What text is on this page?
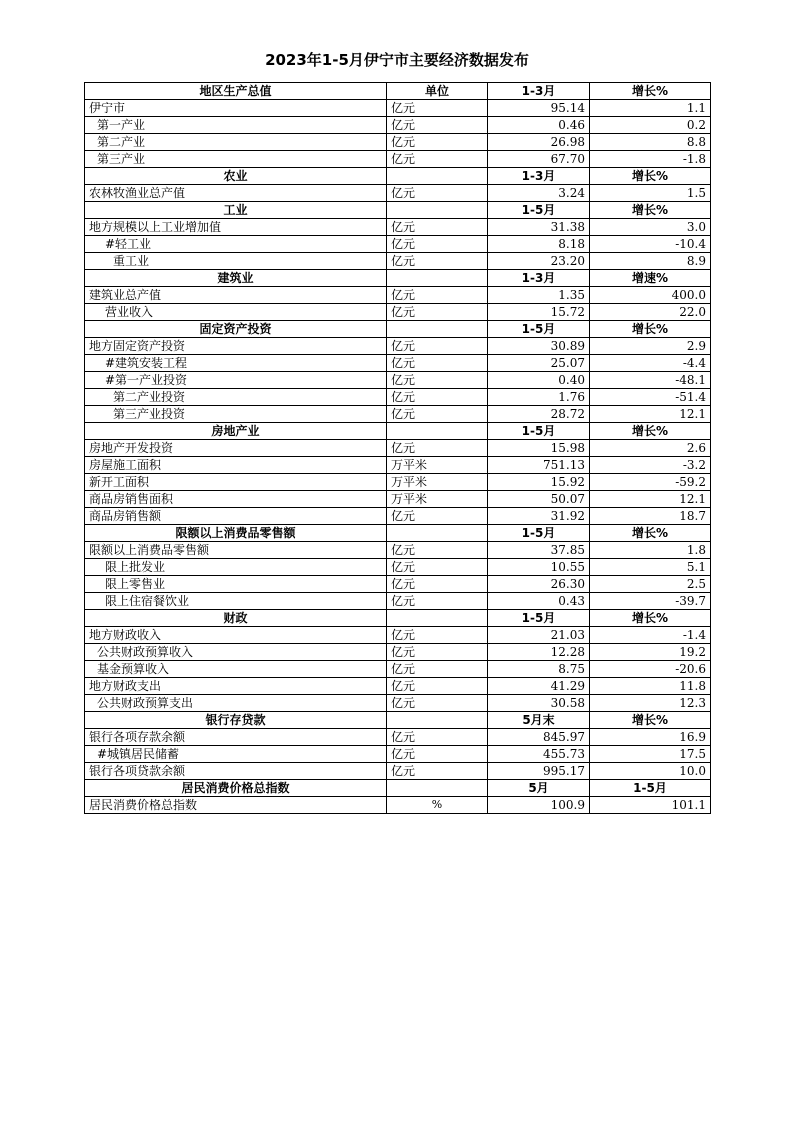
2023年1-5月伊宁市主要经济数据发布
地区生产总值	单位	1-3月	增长%
伊宁市	亿元	95.14	1.1
第一产业	亿元	0.46	0.2
第二产业	亿元	26.98	8.8
第三产业	亿元	67.70	-1.8
农业		1-3月	增长%
农林牧渔业总产值	亿元	3.24	1.5
工业		1-5月	增长%
地方规模以上工业增加值	亿元	31.38	3.0
#轻工业	亿元	8.18	-10.4
重工业	亿元	23.20	8.9
建筑业		1-3月	增速%
建筑业总产值	亿元	1.35	400.0
营业收入	亿元	15.72	22.0
固定资产投资		1-5月	增长%
地方固定资产投资	亿元	30.89	2.9
#建筑安装工程	亿元	25.07	-4.4
#第一产业投资	亿元	0.40	-48.1
第二产业投资	亿元	1.76	-51.4
第三产业投资	亿元	28.72	12.1
房地产业		1-5月	增长%
房地产开发投资	亿元	15.98	2.6
房屋施工面积	万平米	751.13	-3.2
新开工面积	万平米	15.92	-59.2
商品房销售面积	万平米	50.07	12.1
商品房销售额	亿元	31.92	18.7
限额以上消费品零售额		1-5月	增长%
限额以上消费品零售额	亿元	37.85	1.8
限上批发业	亿元	10.55	5.1
限上零售业	亿元	26.30	2.5
限上住宿餐饮业	亿元	0.43	-39.7
财政		1-5月	增长%
地方财政收入	亿元	21.03	-1.4
公共财政预算收入	亿元	12.28	19.2
基金预算收入	亿元	8.75	-20.6
地方财政支出	亿元	41.29	11.8
公共财政预算支出	亿元	30.58	12.3
银行存贷款		5月末	增长%
银行各项存款余额	亿元	845.97	16.9
#城镇居民储蓄	亿元	455.73	17.5
银行各项贷款余额	亿元	995.17	10.0
居民消费价格总指数		5月	1-5月
居民消费价格总指数	%	100.9	101.1
